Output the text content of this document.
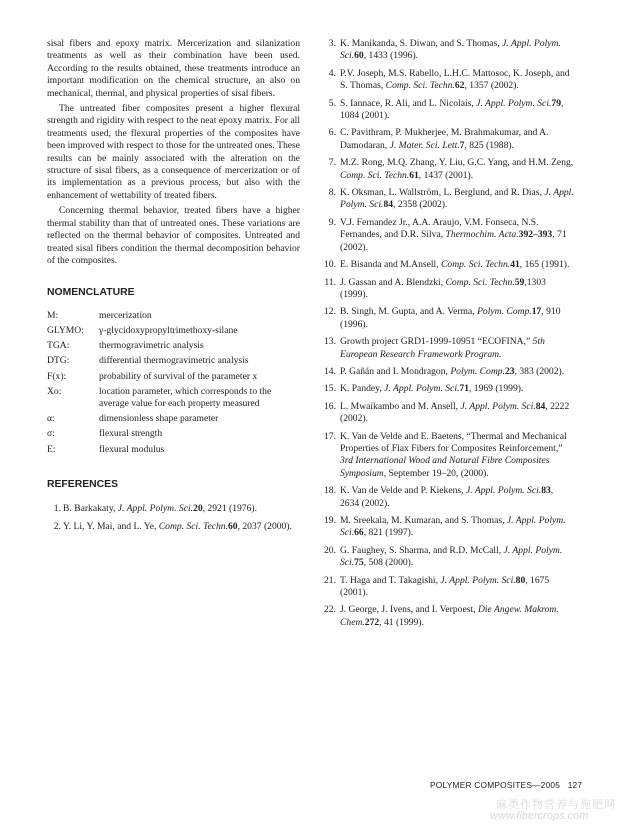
sisal fibers and epoxy matrix. Mercerization and silanization treatments as well as their combination have been used. According to the results obtained, these treatments introduce an important modification on the chemical structure, an also on mechanical, thermal, and physical properties of sisal fibers.

The untreated fiber composites present a higher flexural strength and rigidity with respect to the neat epoxy matrix. For all treatments used, the flexural properties of the composites have been improved with respect to those for the untreated ones. These results can be mainly associated with the alteration on the structure of sisal fibers, as a consequence of mercerization or of its implementation as a previous process, but also with the enhancement of wettability of treated fibers.

Concerning thermal behavior, treated fibers have a higher thermal stability than that of untreated ones. These variations are reflected on the thermal behavior of composites. Untreated and treated sisal fibers condition the thermal decomposition behavior of the composites.

NOMENCLATURE
M:	mercerization
GLYMO:	γ-glycidoxypropyltrimethoxy-silane
TGA:	thermogravimetric analysis
DTG:	differential thermogravimetric analysis
F(x):	probability of survival of the parameter x
Xo:	location parameter, which corresponds to the average value for each property measured
α:	dimensionless shape parameter
σ:	flexural strength
E:	flexural modulus
REFERENCES
1. B. Barkakaty, J. Appl. Polym. Sci.20, 2921 (1976).
2. Y. Li, Y. Mai, and L. Ye, Comp. Sci. Techn.60, 2037 (2000).
3. K. Manikanda, S. Diwan, and S. Thomas, J. Appl. Polym. Sci.60, 1433 (1996).
4. P.V. Joseph, M.S. Rabello, L.H.C. Mattosoc, K. Joseph, and S. Thomas, Comp. Sci. Techn.62, 1357 (2002).
5. S. Iannace, R. Ali, and L. Nicolais, J. Appl. Polym. Sci.79, 1084 (2001).
6. C. Pavithram, P. Mukherjee, M. Brahmakumar, and A. Damodaran, J. Mater. Sci. Lett.7, 825 (1988).
7. M.Z. Rong, M.Q. Zhang, Y. Liu, G.C. Yang, and H.M. Zeng, Comp. Sci. Techn.61, 1437 (2001).
8. K. Oksman, L. Wallström, L. Berglund, and R. Dias, J. Appl. Polym. Sci.84, 2358 (2002).
9. V.J. Fernandez Jr., A.A. Araujo, V.M. Fonseca, N.S. Fernandes, and D.R. Silva, Thermochim. Acta.392–393, 71 (2002).
10. E. Bisanda and M.Ansell, Comp. Sci. Techn.41, 165 (1991).
11. J. Gassan and A. Blendzki, Comp. Sci. Techn.59,1303 (1999).
12. B. Singh, M. Gupta, and A. Verma, Polym. Comp.17, 910 (1996).
13. Growth project GRD1-1999-10951 “ECOFINA,” 5th European Research Framework Program.
14. P. Gañán and I. Mondragon, Polym. Comp.23, 383 (2002).
15. K. Pandey, J. Appl. Polym. Sci.71, 1969 (1999).
16. L. Mwaikambo and M. Ansell, J. Appl. Polym. Sci.84, 2222 (2002).
17. K. Van de Velde and E. Baetens, “Thermal and Mechanical Properties of Flax Fibers for Composites Reinforcement,” 3rd International Wood and Natural Fibre Composites Symposium, September 19–20, (2000).
18. K. Van de Velde and P. Kiekens, J. Appl. Polym. Sci.83, 2634 (2002).
19. M. Sreekala, M. Kumaran, and S. Thomas, J. Appl. Polym. Sci.66, 821 (1997).
20. G. Faughey, S. Sharma, and R.D. McCall, J. Appl. Polym. Sci.75, 508 (2000).
21. T. Haga and T. Takagishi, J. Appl. Polym. Sci.80, 1675 (2001).
22. J. George, J. Ivens, and I. Verpoest, Die Angew. Makrom. Chem.272, 41 (1999).
POLYMER COMPOSITES—2005 127
麻类作物营养与施肥网
www.fibercrops.com
